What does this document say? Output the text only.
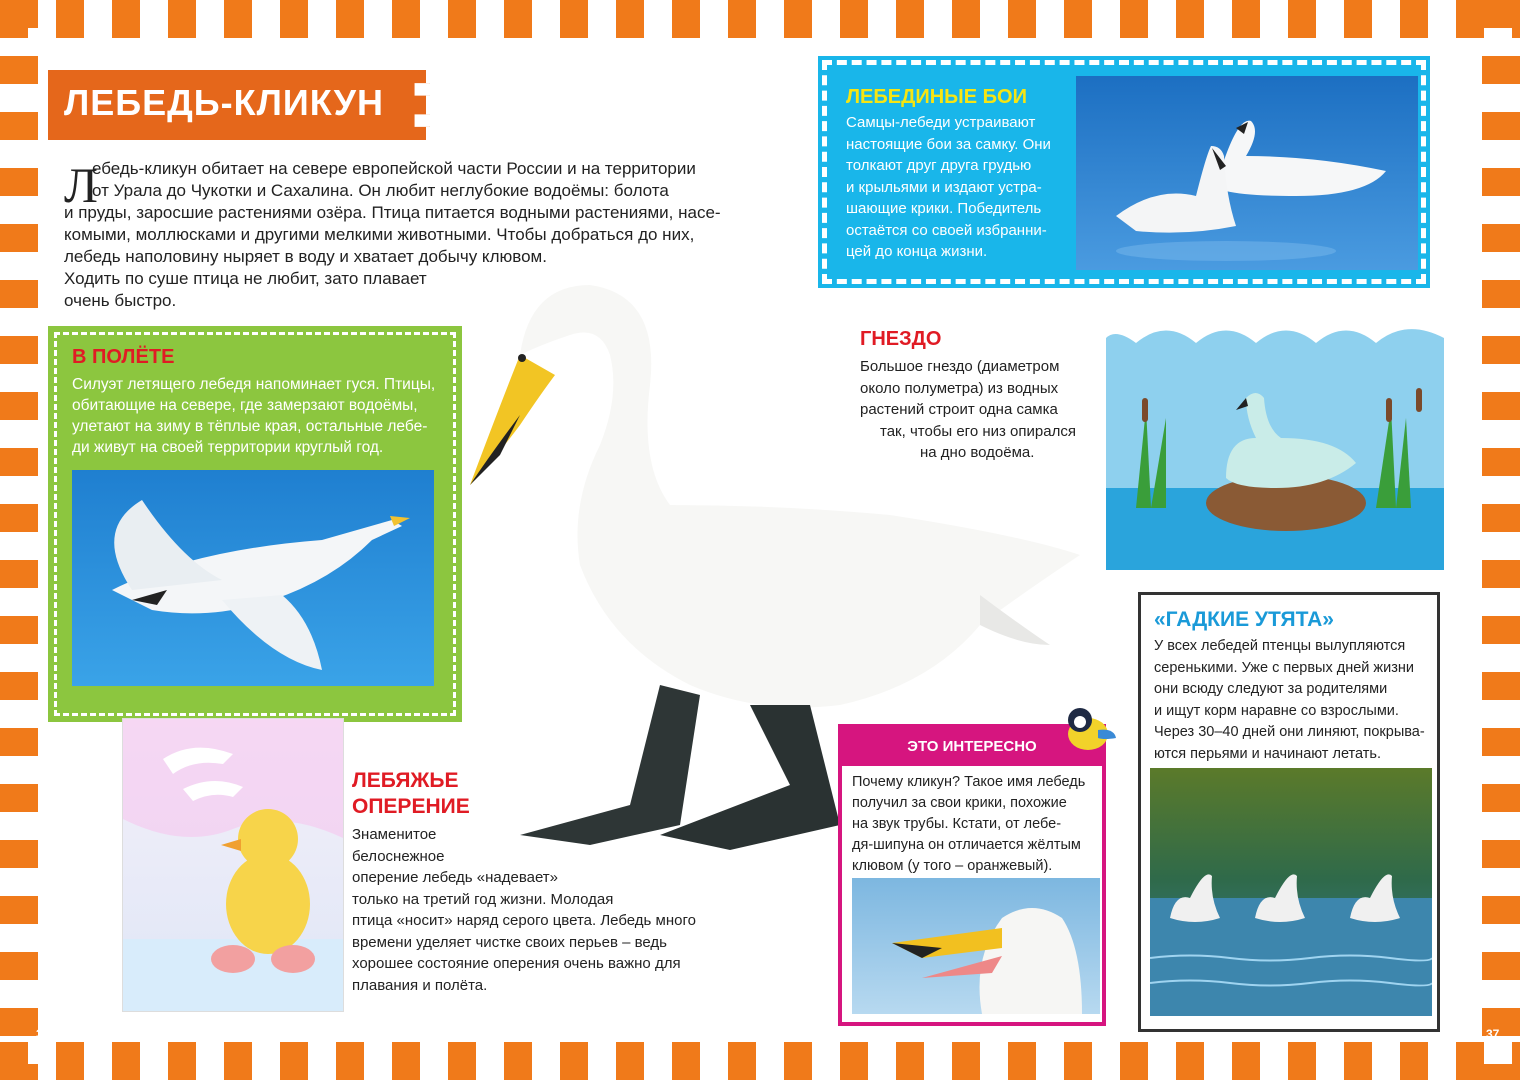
ЛЕБЕДЬ-КЛИКУН
Л
ебедь-кликун обитает на севере европейской части России и на территории
от Урала до Чукотки и Сахалина. Он любит неглубокие водоёмы: болота
и пруды, заросшие растениями озёра. Птица питается водными растениями, насе-
комыми, моллюсками и другими мелкими животными. Чтобы добраться до них,
лебедь наполовину ныряет в воду и хватает добычу клювом.
Ходить по суше птица не любит, зато плавает
очень быстро.
В ПОЛЁТЕ
Силуэт летящего лебедя напоминает гуся. Птицы,
обитающие на севере, где замерзают водоёмы,
улетают на зиму в тёплые края, остальные лебе-
ди живут на своей территории круглый год.
ЛЕБЕДИНЫЕ БОИ
Самцы-лебеди устраивают
настоящие бои за самку. Они
толкают друг друга грудью
и крыльями и издают устра-
шающие крики. Победитель
остаётся со своей избранни-
цей до конца жизни.
ГНЕЗДО
Большое гнездо (диаметром
около полуметра) из водных
растений строит одна самка
так, чтобы его низ опирался
на дно водоёма.
ЛЕБЯЖЬЕ
ОПЕРЕНИЕ
Знаменитое
белоснежное
оперение лебедь «надевает»
только на третий год жизни. Молодая
птица «носит» наряд серого цвета. Лебедь много
времени уделяет чистке своих перьев – ведь
хорошее состояние оперения очень важно для
плавания и полёта.
ЭТО ИНТЕРЕСНО
Почему кликун? Такое имя лебедь
получил за свои крики, похожие
на звук трубы. Кстати, от лебе-
дя-шипуна он отличается жёлтым
клювом (у того – оранжевый).
«ГАДКИЕ УТЯТА»
У всех лебедей птенцы вылупляются
серенькими. Уже с первых дней жизни
они всюду следуют за родителями
и ищут корм наравне со взрослыми.
Через 30–40 дней они линяют, покрыва-
ются перьями и начинают летать.
36	37
